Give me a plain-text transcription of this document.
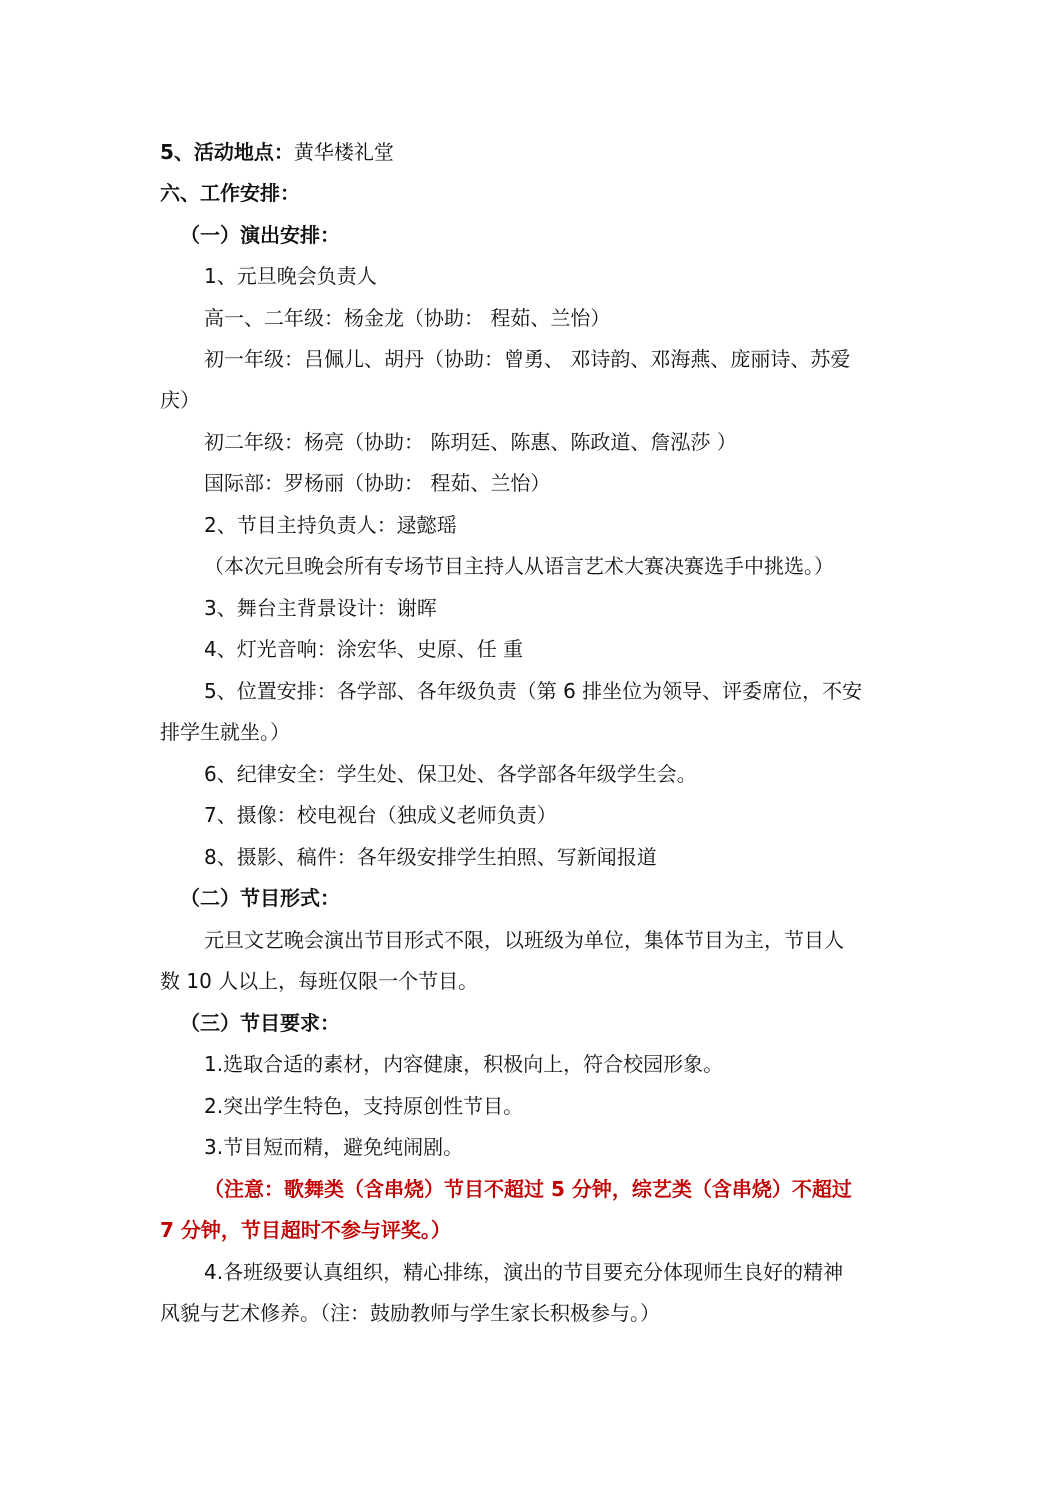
5、活动地点：黄华楼礼堂
六、工作安排：
（一）演出安排：
1、元旦晚会负责人
高一、二年级：杨金龙（协助： 程茹、兰怡）
初一年级：吕佩儿、胡丹（协助：曾勇、 邓诗韵、邓海燕、庞丽诗、苏爱
庆）
初二年级：杨亮（协助： 陈玥廷、陈惠、陈政道、詹泓莎 ）
国际部：罗杨丽（协助： 程茹、兰怡）
2、节目主持负责人：逯懿瑶
（本次元旦晚会所有专场节目主持人从语言艺术大赛决赛选手中挑选。）
3、舞台主背景设计：谢晖
4、灯光音响：涂宏华、史原、任 重
5、位置安排：各学部、各年级负责（第 6 排坐位为领导、评委席位，不安
排学生就坐。）
6、纪律安全：学生处、保卫处、各学部各年级学生会。
7、摄像：校电视台（独成义老师负责）
8、摄影、稿件：各年级安排学生拍照、写新闻报道
（二）节目形式：
元旦文艺晚会演出节目形式不限，以班级为单位，集体节目为主，节目人
数 10 人以上，每班仅限一个节目。
（三）节目要求：
1.选取合适的素材，内容健康，积极向上，符合校园形象。
2.突出学生特色，支持原创性节目。
3.节目短而精，避免纯闹剧。
（注意：歌舞类（含串烧）节目不超过 5 分钟，综艺类（含串烧）不超过
7 分钟，节目超时不参与评奖。）
4.各班级要认真组织，精心排练，演出的节目要充分体现师生良好的精神
风貌与艺术修养。（注：鼓励教师与学生家长积极参与。）
